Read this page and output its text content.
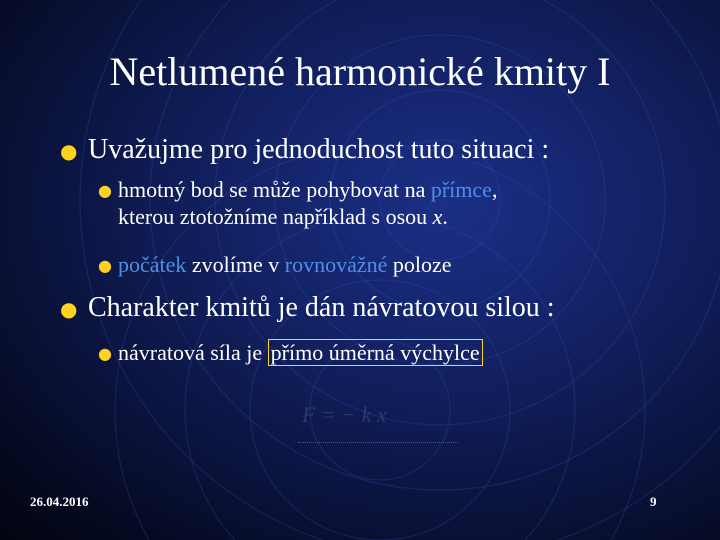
Netlumené harmonické kmity I
● Uvažujme pro jednoduchost tuto situaci :
● hmotný bod se může pohybovat na přímce,
kterou ztotožníme například s osou x.
● počátek zvolíme v rovnovážné poloze
● Charakter kmitů je dán návratovou silou :
● návratová síla je přímo úměrná výchylce
F = − k x
26.04.2016	9
